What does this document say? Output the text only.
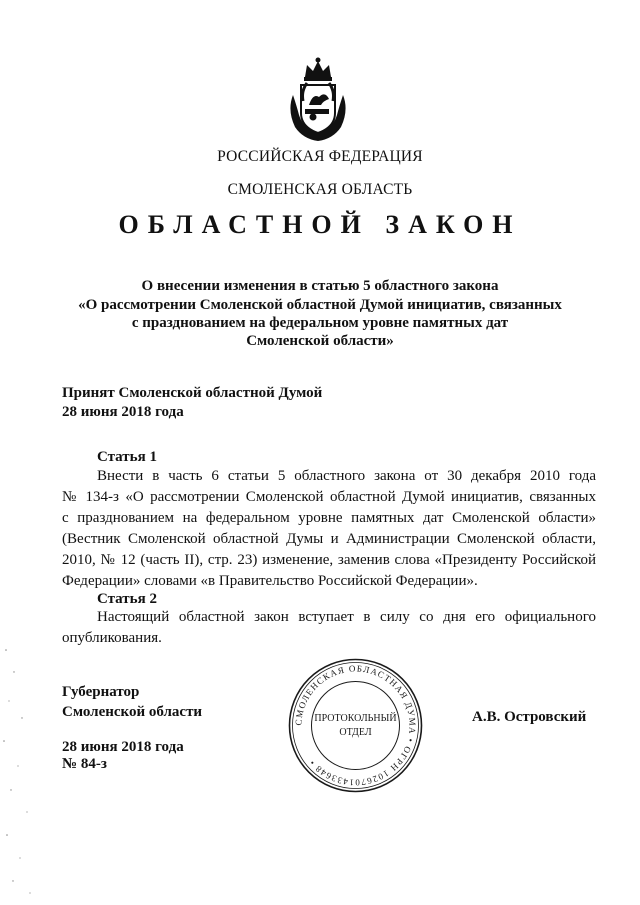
РОССИЙСКАЯ ФЕДЕРАЦИЯ
СМОЛЕНСКАЯ ОБЛАСТЬ
ОБЛАСТНОЙ ЗАКОН
О внесении изменения в статью 5 областного закона
«О рассмотрении Смоленской областной Думой инициатив, связанных
с празднованием на федеральном уровне памятных дат
Смоленской области»
Принят Смоленской областной Думой
28 июня 2018 года
Статья 1
Внести в часть 6 статьи 5 областного закона от 30 декабря 2010 года
№ 134-з «О рассмотрении Смоленской областной Думой инициатив, связанных
с празднованием на федеральном уровне памятных дат Смоленской области»
(Вестник Смоленской областной Думы и Администрации Смоленской области,
2010, № 12 (часть II), стр. 23) изменение, заменив слова «Президенту Российской
Федерации» словами «в Правительство Российской Федерации».
Статья 2
Настоящий областной закон вступает в силу со дня его официального
опубликования.
Губернатор
Смоленской области	А.В. Островский
28 июня 2018 года
№ 84-з
СМОЛЕНСКАЯ ОБЛАСТНАЯ ДУМА • ОГРН 1026701433648 •
ПРОТОКОЛЬНЫЙ
ОТДЕЛ
